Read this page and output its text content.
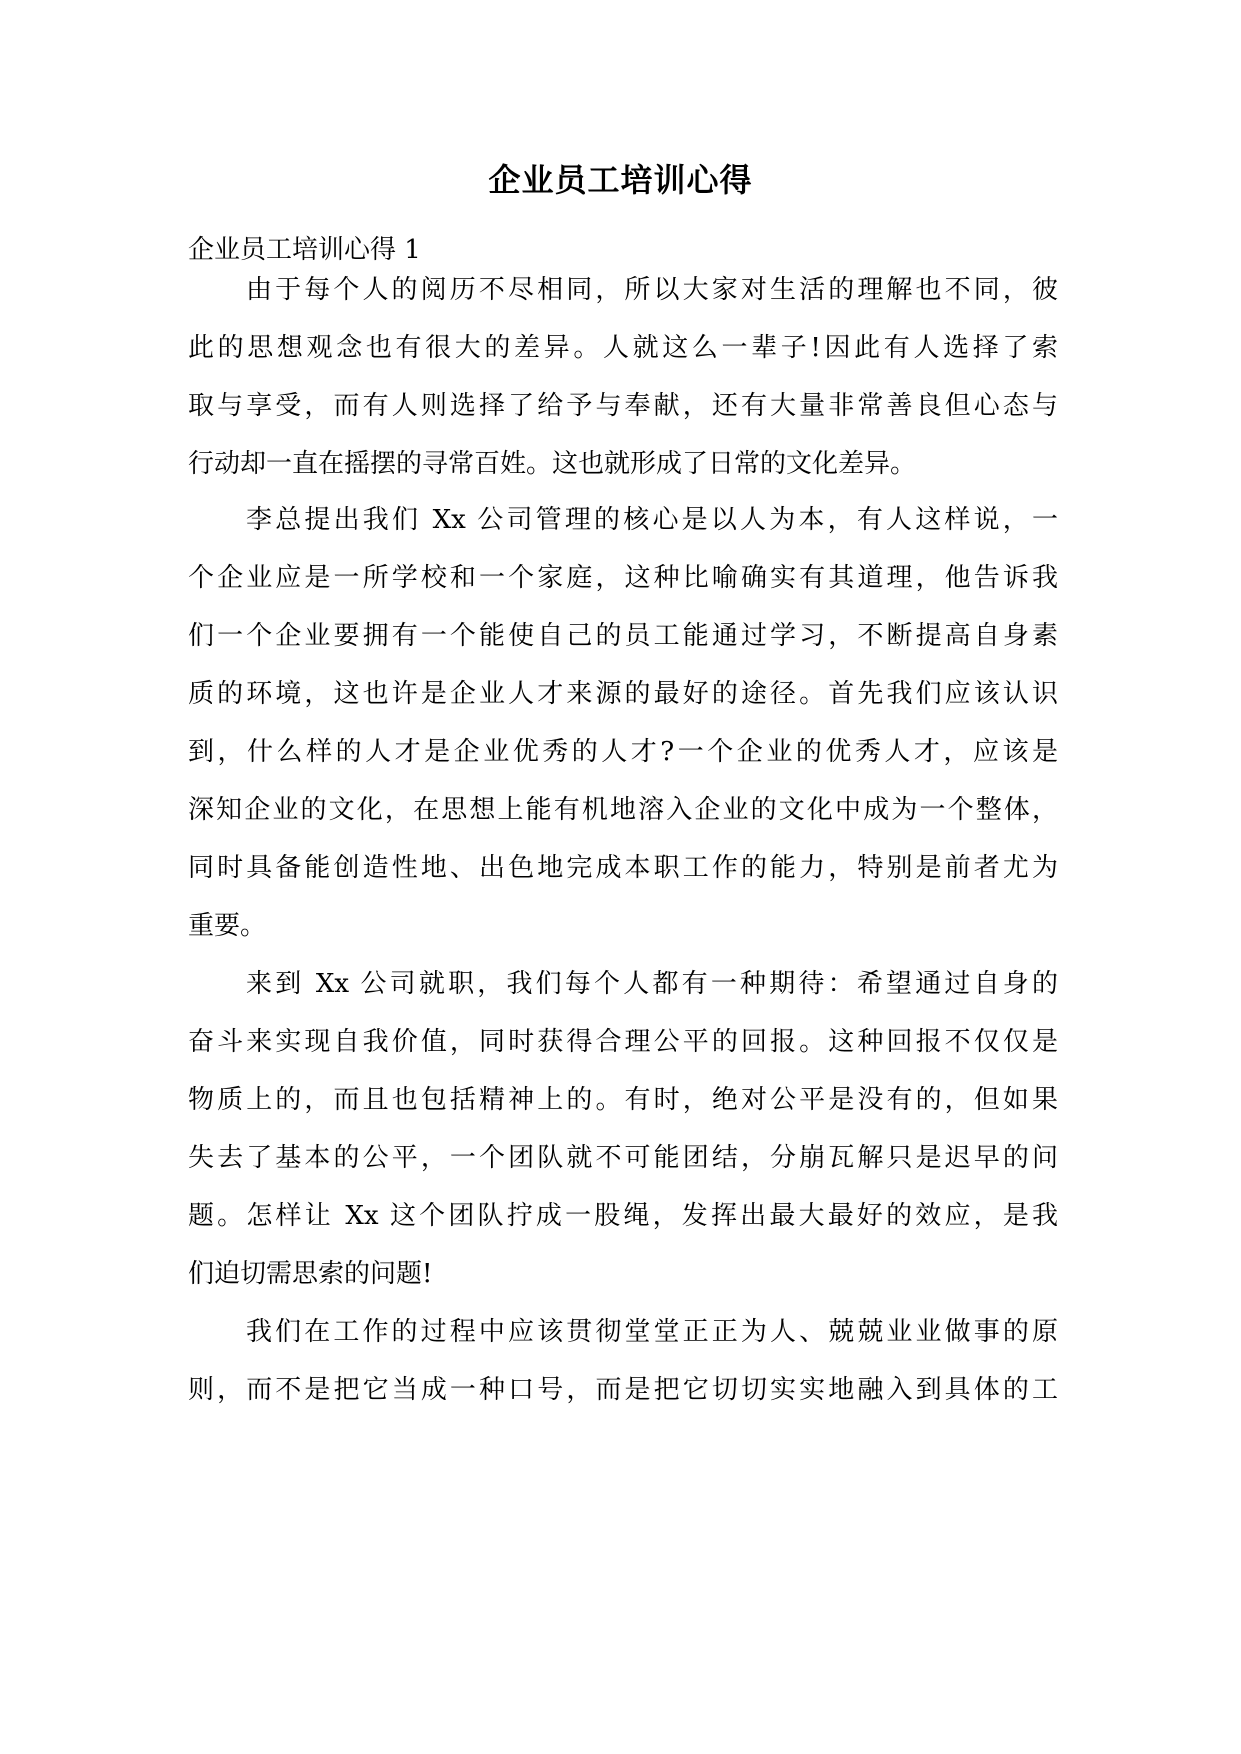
企业员工培训心得
企业员工培训心得 1
由于每个人的阅历不尽相同，所以大家对生活的理解也不同，彼
此的思想观念也有很大的差异。人就这么一辈子!因此有人选择了索
取与享受，而有人则选择了给予与奉献，还有大量非常善良但心态与
行动却一直在摇摆的寻常百姓。这也就形成了日常的文化差异。
李总提出我们 Xx 公司管理的核心是以人为本，有人这样说，一
个企业应是一所学校和一个家庭，这种比喻确实有其道理，他告诉我
们一个企业要拥有一个能使自己的员工能通过学习，不断提高自身素
质的环境，这也许是企业人才来源的最好的途径。首先我们应该认识
到，什么样的人才是企业优秀的人才?一个企业的优秀人才，应该是
深知企业的文化，在思想上能有机地溶入企业的文化中成为一个整体，
同时具备能创造性地、出色地完成本职工作的能力，特别是前者尤为
重要。
来到 Xx 公司就职，我们每个人都有一种期待：希望通过自身的
奋斗来实现自我价值，同时获得合理公平的回报。这种回报不仅仅是
物质上的，而且也包括精神上的。有时，绝对公平是没有的，但如果
失去了基本的公平，一个团队就不可能团结，分崩瓦解只是迟早的问
题。怎样让 Xx 这个团队拧成一股绳，发挥出最大最好的效应，是我
们迫切需思索的问题!
我们在工作的过程中应该贯彻堂堂正正为人、兢兢业业做事的原
则，而不是把它当成一种口号，而是把它切切实实地融入到具体的工
